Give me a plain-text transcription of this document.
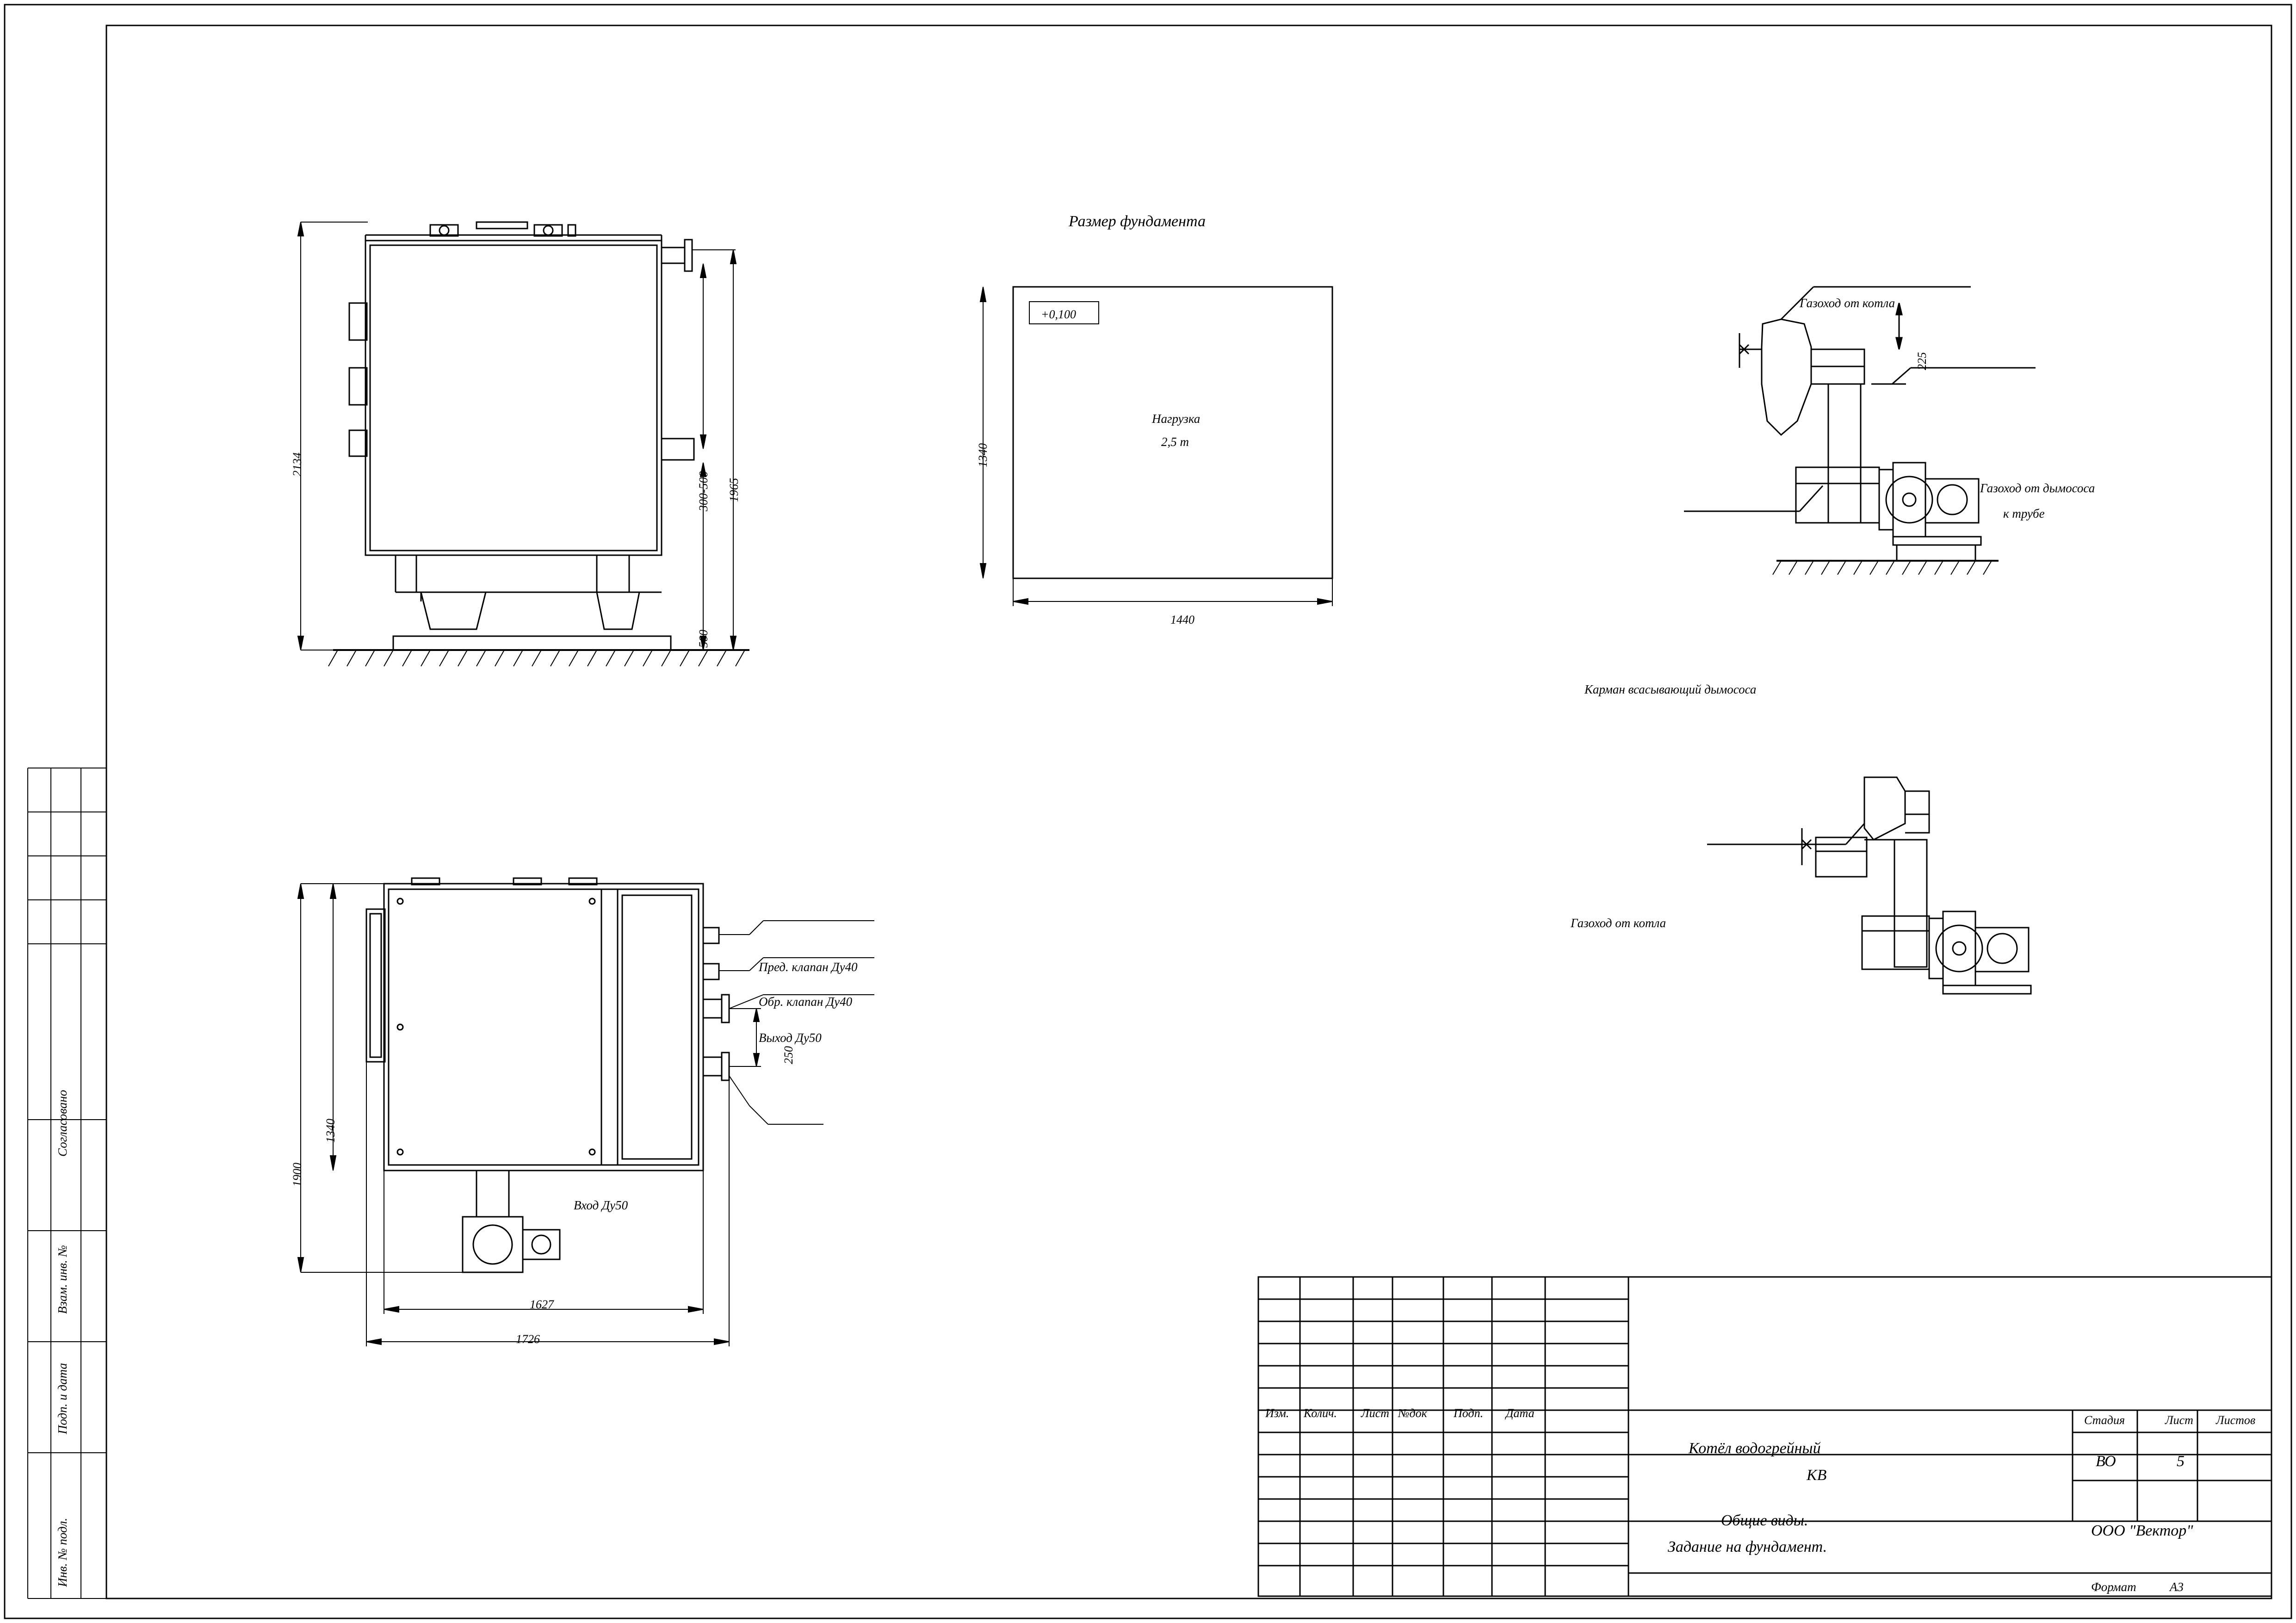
Инв. № подл.
Подп. и дата
Взам. инв. №
Согласовано
2134
300-500 1965
500
Размер фундамента
+0,100
Нагрузка
2,5 т
1340
1440
1900
1340
250
1627
1726
Пред. клапан Ду40
Обр. клапан Ду40
Выход Ду50
Вход Ду50
Газоход от котла
Газоход от дымососа
к трубе
Карман всасывающий дымососа
225
Газоход от котла
Изм. Колич. Лист №док Подп. Дата
Котёл водогрейный
КВ
Общие виды.
Задание на фундамент.
Стадия	Лист Листов
ВО	5
ООО "Вектор"
Формат	А3
